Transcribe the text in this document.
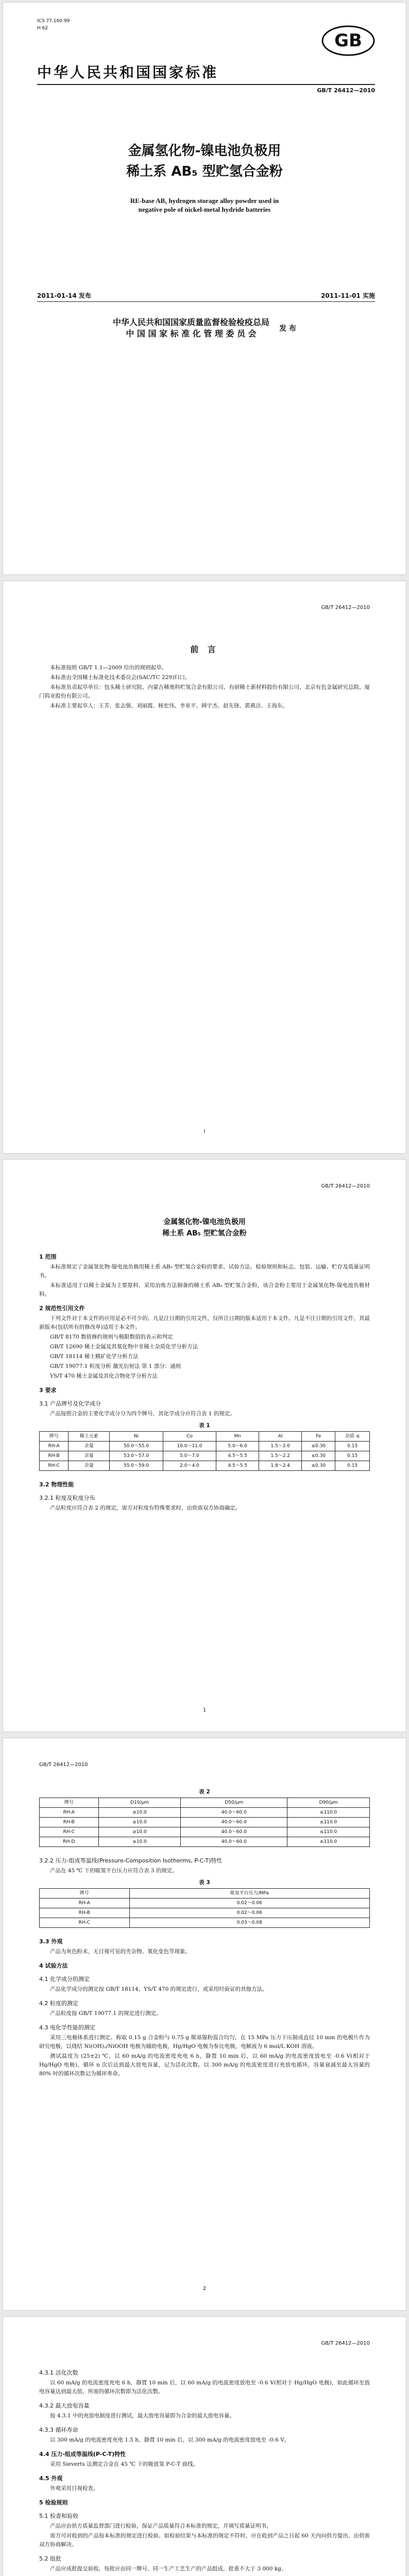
ICS 77.160.99
H 62
GB
中华人民共和国国家标准
GB/T 26412—2010
金属氢化物-镍电池负极用
稀土系 AB₅ 型贮氢合金粉
RE-base AB₅ hydrogen storage alloy powder used in
negative pole of nickel-metal hydride batteries
2011-01-14 发布	2011-11-01 实施
中华人民共和国国家质量监督检验检疫总局
中 国 国 家 标 准 化 管 理 委 员 会	发 布
GB/T 26412—2010
前 言

本标准按照 GB/T 1.1—2009 给出的规则起草。

本标准由全国稀土标准化技术委员会(SAC/TC 229)归口。

本标准负责起草单位：包头稀土研究院、内蒙古稀奥科贮氢合金有限公司、有研稀土新材料股份有限公司、北京有色金属研究总院、厦门钨业股份有限公司。

本标准主要起草人：王芳、张志强、刘丽霞、杨宏伟、李亚平、韩宇杰、赵先锋、郭燕洁、王海东。

I
GB/T 26412—2010
金属氢化物-镍电池负极用
稀土系 AB₅ 型贮氢合金粉
1 范围

本标准规定了金属氢化物-镍电池负极用稀土系 AB₅ 型贮氢合金粉的要求、试验方法、检验规则和标志、包装、运输、贮存及质量证明书。

本标准适用于以稀土金属为主要原料，采用冶炼方法制备的稀土系 AB₅ 型贮氢合金粉，该合金粉主要用于金属氢化物-镍电池负极材料。

2 规范性引用文件

下列文件对于本文件的应用是必不可少的。凡是注日期的引用文件，仅所注日期的版本适用于本文件。凡是不注日期的引用文件，其最新版本(包括所有的修改单)适用于本文件。

GB/T 8170 数值修约规则与极限数值的表示和判定

GB/T 12690 稀土金属及其氧化物中非稀土杂质化学分析方法

GB/T 18114 稀土精矿化学分析方法

GB/T 19077.1 粒度分析 激光衍射法 第 1 部分：通则

YS/T 470 稀土金属及其化合物化学分析方法

3 要求
3.1 产品牌号及化学成分

产品按照合金的主要化学成分分为四个牌号，其化学成分应符合表 1 的规定。

表 1
牌号	稀土元素	Ni	Co	Mn	Al	Fe	杂质 ≤
RH-A	余量	50.0～55.0	10.0～11.0	5.0～6.0	1.5～2.0	≤0.30	0.15
RH-B	余量	53.0～57.0	5.0～7.0	4.5～5.5	1.5～2.2	≤0.30	0.15
RH-C	余量	55.0～59.0	2.0～4.0	4.5～5.5	1.8～2.4	≤0.30	0.15
3.2 物理性能
3.2.1 粒度及粒度分布

产品粒度应符合表 2 的规定，需方对粒度有特殊要求时，由供需双方协商确定。

1
GB/T 26412—2010
表 2
牌号	D10/μm	D50/μm	D90/μm
RH-A	≥10.0	40.0～60.0	≤110.0
RH-B	≥10.0	40.0～60.0	≤110.0
RH-C	≥10.0	40.0～60.0	≤110.0
RH-D	≥10.0	40.0～60.0	≤110.0
3.2.2 压力-组成等温线(Pressure-Composition Isotherms, P-C-T)特性

产品在 45 ℃ 下的吸氢平台压力应符合表 3 的规定。

表 3
牌号	吸氢平台压力/MPa
RH-A	0.02～0.06
RH-B	0.02～0.06
RH-C	0.03～0.08
3.3 外观

产品为灰色粉末，无目视可见的夹杂物、氧化变色等现象。

4 试验方法
4.1 化学成分的测定

产品化学成分的测定按 GB/T 18114、YS/T 470 的规定进行，或采用经验证的其他方法。

4.2 粒度的测定

产品粒度按 GB/T 19077.1 的规定进行测定。

4.3 电化学性能的测定

采用三电极体系进行测定。称取 0.15 g 合金粉与 0.75 g 羰基镍粉混合均匀，在 15 MPa 压力下压制成直径 10 mm 的电极片作为研究电极，以烧结 Ni(OH)₂/NiOOH 电极为辅助电极，Hg/HgO 电极为参比电极，电解液为 6 mol/L KOH 溶液。

测试温度为 (25±2) ℃，以 60 mA/g 的电流密度充电 6 h，静置 10 min 后，以 60 mA/g 的电流密度放电至 -0.6 V(相对于 Hg/HgO 电极)，循环 n 次后达到最大放电容量，记为活化次数。以 300 mA/g 的电流密度进行充放电循环，容量衰减至最大容量的 80% 时的循环次数记为循环寿命。

2
GB/T 26412—2010
4.3.1 活化次数

以 60 mA/g 的电流密度充电 6 h，静置 10 min 后，以 60 mA/g 的电流密度放电至 -0.6 V(相对于 Hg/HgO 电极)，如此循环至放电容量达到最大值，所需的循环次数即为活化次数。

4.3.2 最大放电容量

按 4.3.1 中的充放电制度进行测试，最大放电容量即为合金的最大放电容量。

4.3.3 循环寿命

以 300 mA/g 的电流密度充电 1.5 h，静置 10 min 后，以 300 mA/g 的电流密度放电至 -0.6 V。

4.4 压力-组成等温线(P-C-T)特性

采用 Sieverts 法测定合金在 45 ℃ 下的吸放氢 P-C-T 曲线。

4.5 外观

外观采用目视检查。

5 检验规则
5.1 检查和验收

产品应由供方质量监督部门进行检验，保证产品质量符合本标准的规定，并填写质量证明书。

需方可对收到的产品按本标准的规定进行检验。如检验结果与本标准的规定不符时，应在收到产品之日起 60 天内向供方提出，由供需双方协商解决。

5.2 组批

产品应成批提交验收，每批应由同一牌号、同一生产工艺生产的产品组成，批重不大于 3 000 kg。
